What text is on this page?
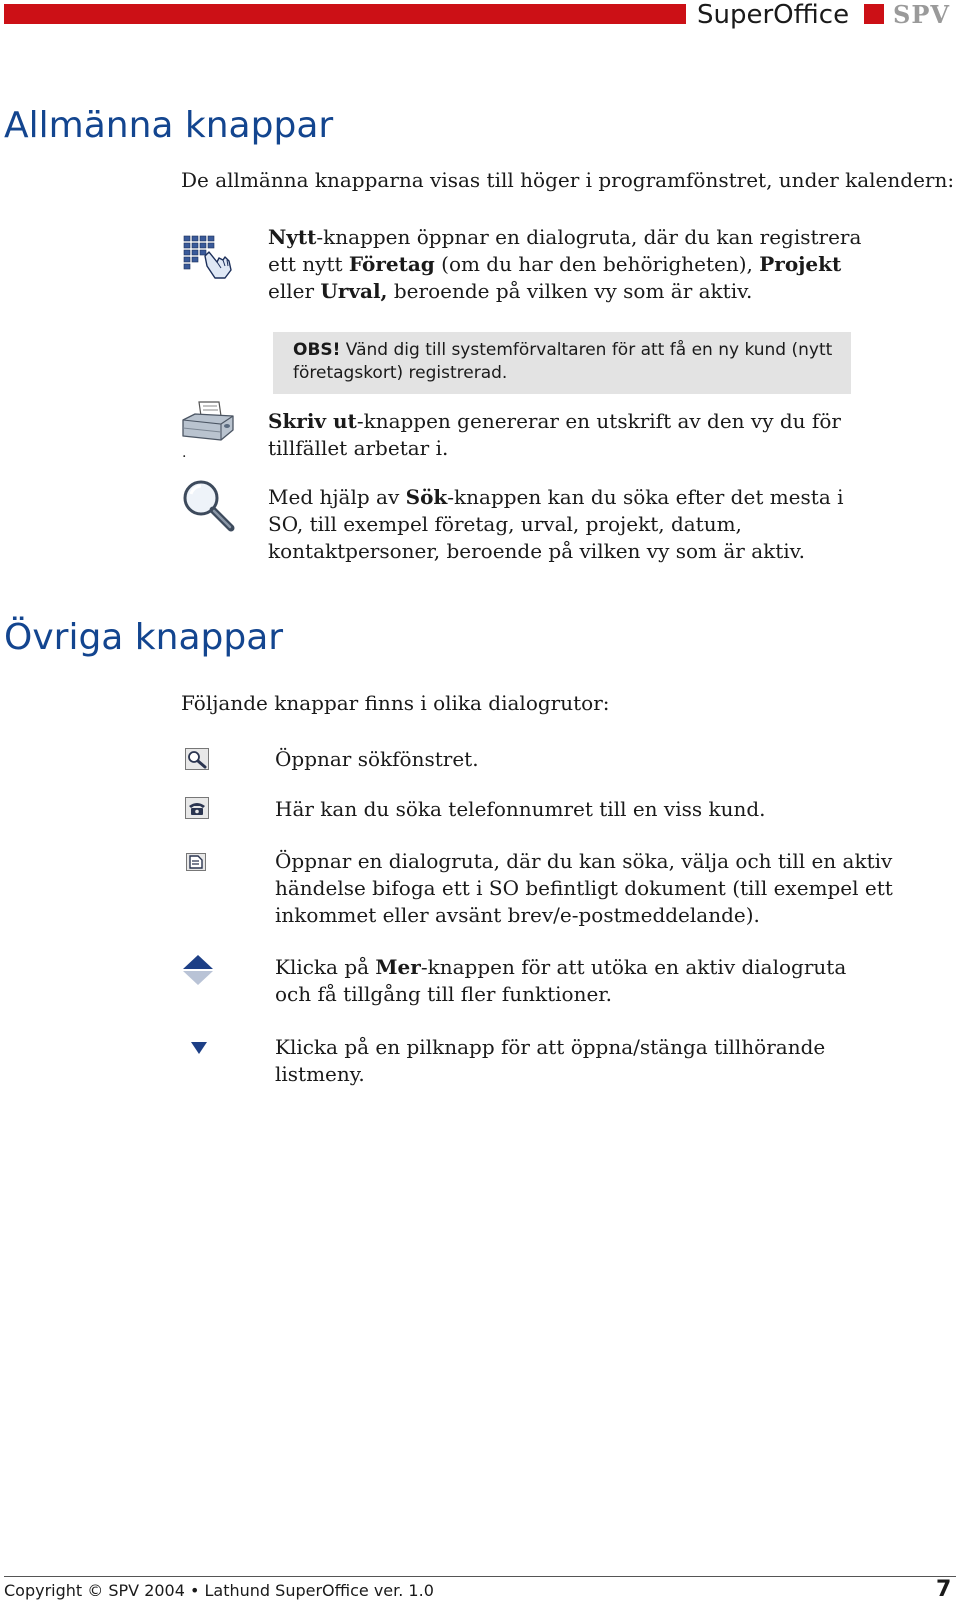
SuperOffice SPV
Allmänna knappar
De allmänna knapparna visas till höger i programfönstret, under kalendern:
Nytt-knappen öppnar en dialogruta, där du kan registrera ett nytt Företag (om du har den behörigheten), Projekt eller Urval, beroende på vilken vy som är aktiv.
OBS! Vänd dig till systemförvaltaren för att få en ny kund (nytt företagskort) registrerad.
.
Skriv ut-knappen genererar en utskrift av den vy du för tillfället arbetar i.
Med hjälp av Sök-knappen kan du söka efter det mesta i SO, till exempel företag, urval, projekt, datum, kontaktpersoner, beroende på vilken vy som är aktiv.
Övriga knappar
Följande knappar finns i olika dialogrutor:
Öppnar sökfönstret.
Här kan du söka telefonnumret till en viss kund.
Öppnar en dialogruta, där du kan söka, välja och till en aktiv händelse bifoga ett i SO befintligt dokument (till exempel ett inkommet eller avsänt brev/e-postmeddelande).
Klicka på Mer-knappen för att utöka en aktiv dialogruta och få tillgång till fler funktioner.
Klicka på en pilknapp för att öppna/stänga tillhörande listmeny.
Copyright © SPV 2004 • Lathund SuperOffice ver. 1.0	7
